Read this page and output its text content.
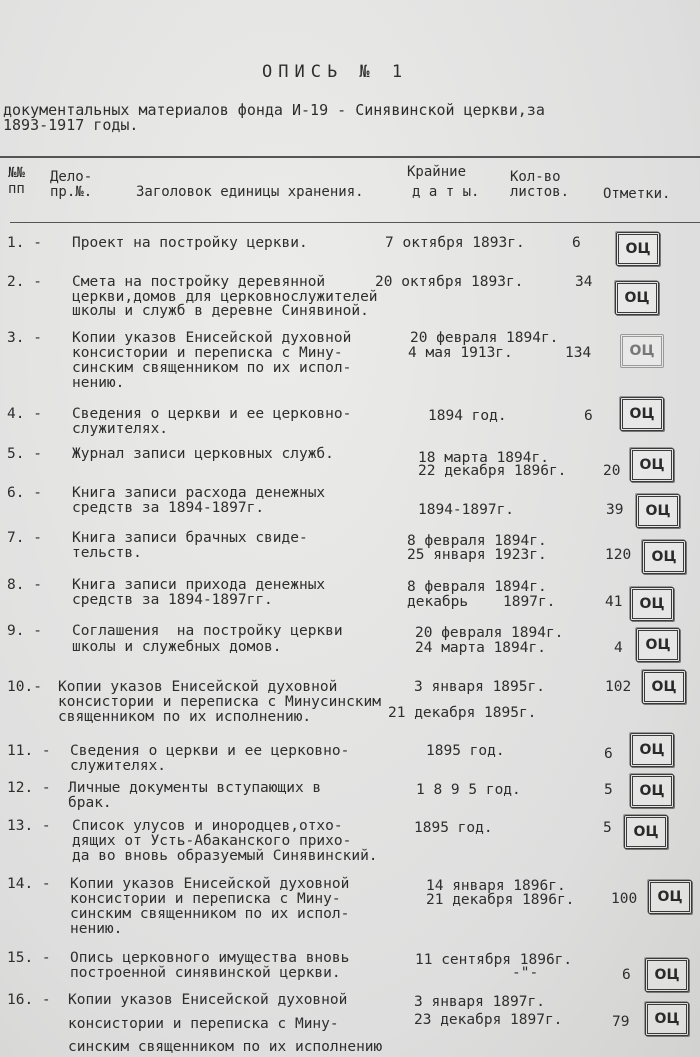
ОПИСЬ № 1
документальных материалов фонда И-19 - Синявинской церкви,за
1893-1917 годы.
№№
пп
Дело-
пр.№.	Заголовок единицы хранения.
Крайние
д а т ы.
Кол-во
листов. Отметки.
1. - Проект на постройку церкви.	7 октября 1893г.	6	ОЦ
2. - Смета на постройку деревянной
церкви,домов для церковнослужителей
школы и служб в деревне Синявиной.
20 октября 1893г.	34
ОЦ
3. - Копии указов Енисейской духовной
консистории и переписка с Мину-
синским священником по их испол-
нению.
20 февраля 1894г.
4 мая 1913г.	134	ОЦ
4. - Сведения о церкви и ее церковно-
служителях.
1894 год.	6	ОЦ
5. - Журнал записи церковных служб.	18 марта 1894г.
22 декабря 1896г.	20	ОЦ
6. - Книга записи расхода денежных
средств за 1894-1897г.	1894-1897г.	39	ОЦ
7. - Книга записи брачных свиде-
тельств.
8 февраля 1894г.
25 января 1923г.	120	ОЦ
8. - Книга записи прихода денежных
средств за 1894-1897гг.
8 февраля 1894г.
декабрь    1897г.	41	ОЦ
9. - Соглашения  на постройку церкви
школы и служебных домов.
20 февраля 1894г.
24 марта 1894г.	4	ОЦ
10.- Копии указов Енисейской духовной
консистории и переписка с Минусинским
священником по их исполнению.
3 января 1895г.
21 декабря 1895г.
102	ОЦ
11. - Сведения о церкви и ее церковно-
служителях.
1895 год.	6	ОЦ
12. - Личные документы вступающих в
брак.
1 8 9 5 год.	5	ОЦ
13. - Список улусов и инородцев,отхо-
дящих от Усть-Абаканского прихо-
да во вновь образуемый Синявинский.
1895 год.	5	ОЦ
14. - Копии указов Енисейской духовной
консистории и переписка с Мину-
синским священником по их испол-
нению.
14 января 1896г.
21 декабря 1896г.	100	ОЦ
15. - Опись церковного имущества вновь
построенной синявинской церкви.
11 сентября 1896г.
-"-	6	ОЦ
16. - Копии указов Енисейской духовной
консистории и переписка с Мину-
синским священником по их исполнению
3 января 1897г.
23 декабря 1897г.	79	ОЦ
